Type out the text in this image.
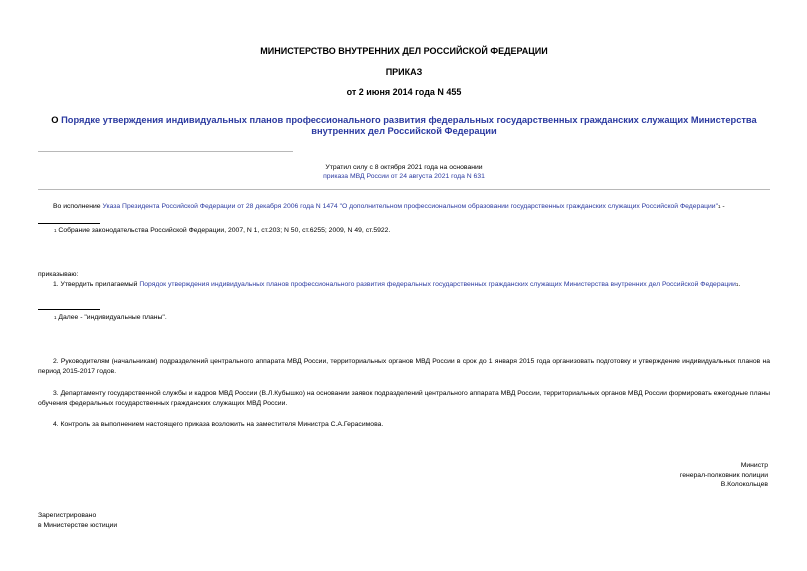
МИНИСТЕРСТВО ВНУТРЕННИХ ДЕЛ РОССИЙСКОЙ ФЕДЕРАЦИИ
ПРИКАЗ
от 2 июня 2014 года N 455
О Порядке утверждения индивидуальных планов профессионального развития федеральных государственных гражданских служащих Министерства внутренних дел Российской Федерации
Утратил силу с 8 октября 2021 года на основании
приказа МВД России от 24 августа 2021 года N 631
Во исполнение Указа Президента Российской Федерации от 28 декабря 2006 года N 1474 "О дополнительном профессиональном образовании государственных гражданских служащих Российской Федерации"$^1$ -
$^1$ Собрание законодательства Российской Федерации, 2007, N 1, ст.203; N 50, ст.6255; 2009, N 49, ст.5922.
приказываю:
1. Утвердить прилагаемый Порядок утверждения индивидуальных планов профессионального развития федеральных государственных гражданских служащих Министерства внутренних дел Российской Федерации$^1$.
$^1$ Далее - "индивидуальные планы".
2. Руководителям (начальникам) подразделений центрального аппарата МВД России, территориальных органов МВД России в срок до 1 января 2015 года организовать подготовку и утверждение индивидуальных планов на период 2015-2017 годов.
3. Департаменту государственной службы и кадров МВД России (В.Л.Кубышко) на основании заявок подразделений центрального аппарата МВД России, территориальных органов МВД России формировать ежегодные планы обучения федеральных государственных гражданских служащих МВД России.
4. Контроль за выполнением настоящего приказа возложить на заместителя Министра С.А.Герасимова.
Министр
генерал-полковник полиции
В.Колокольцев
Зарегистрировано
в Министерстве юстиции
